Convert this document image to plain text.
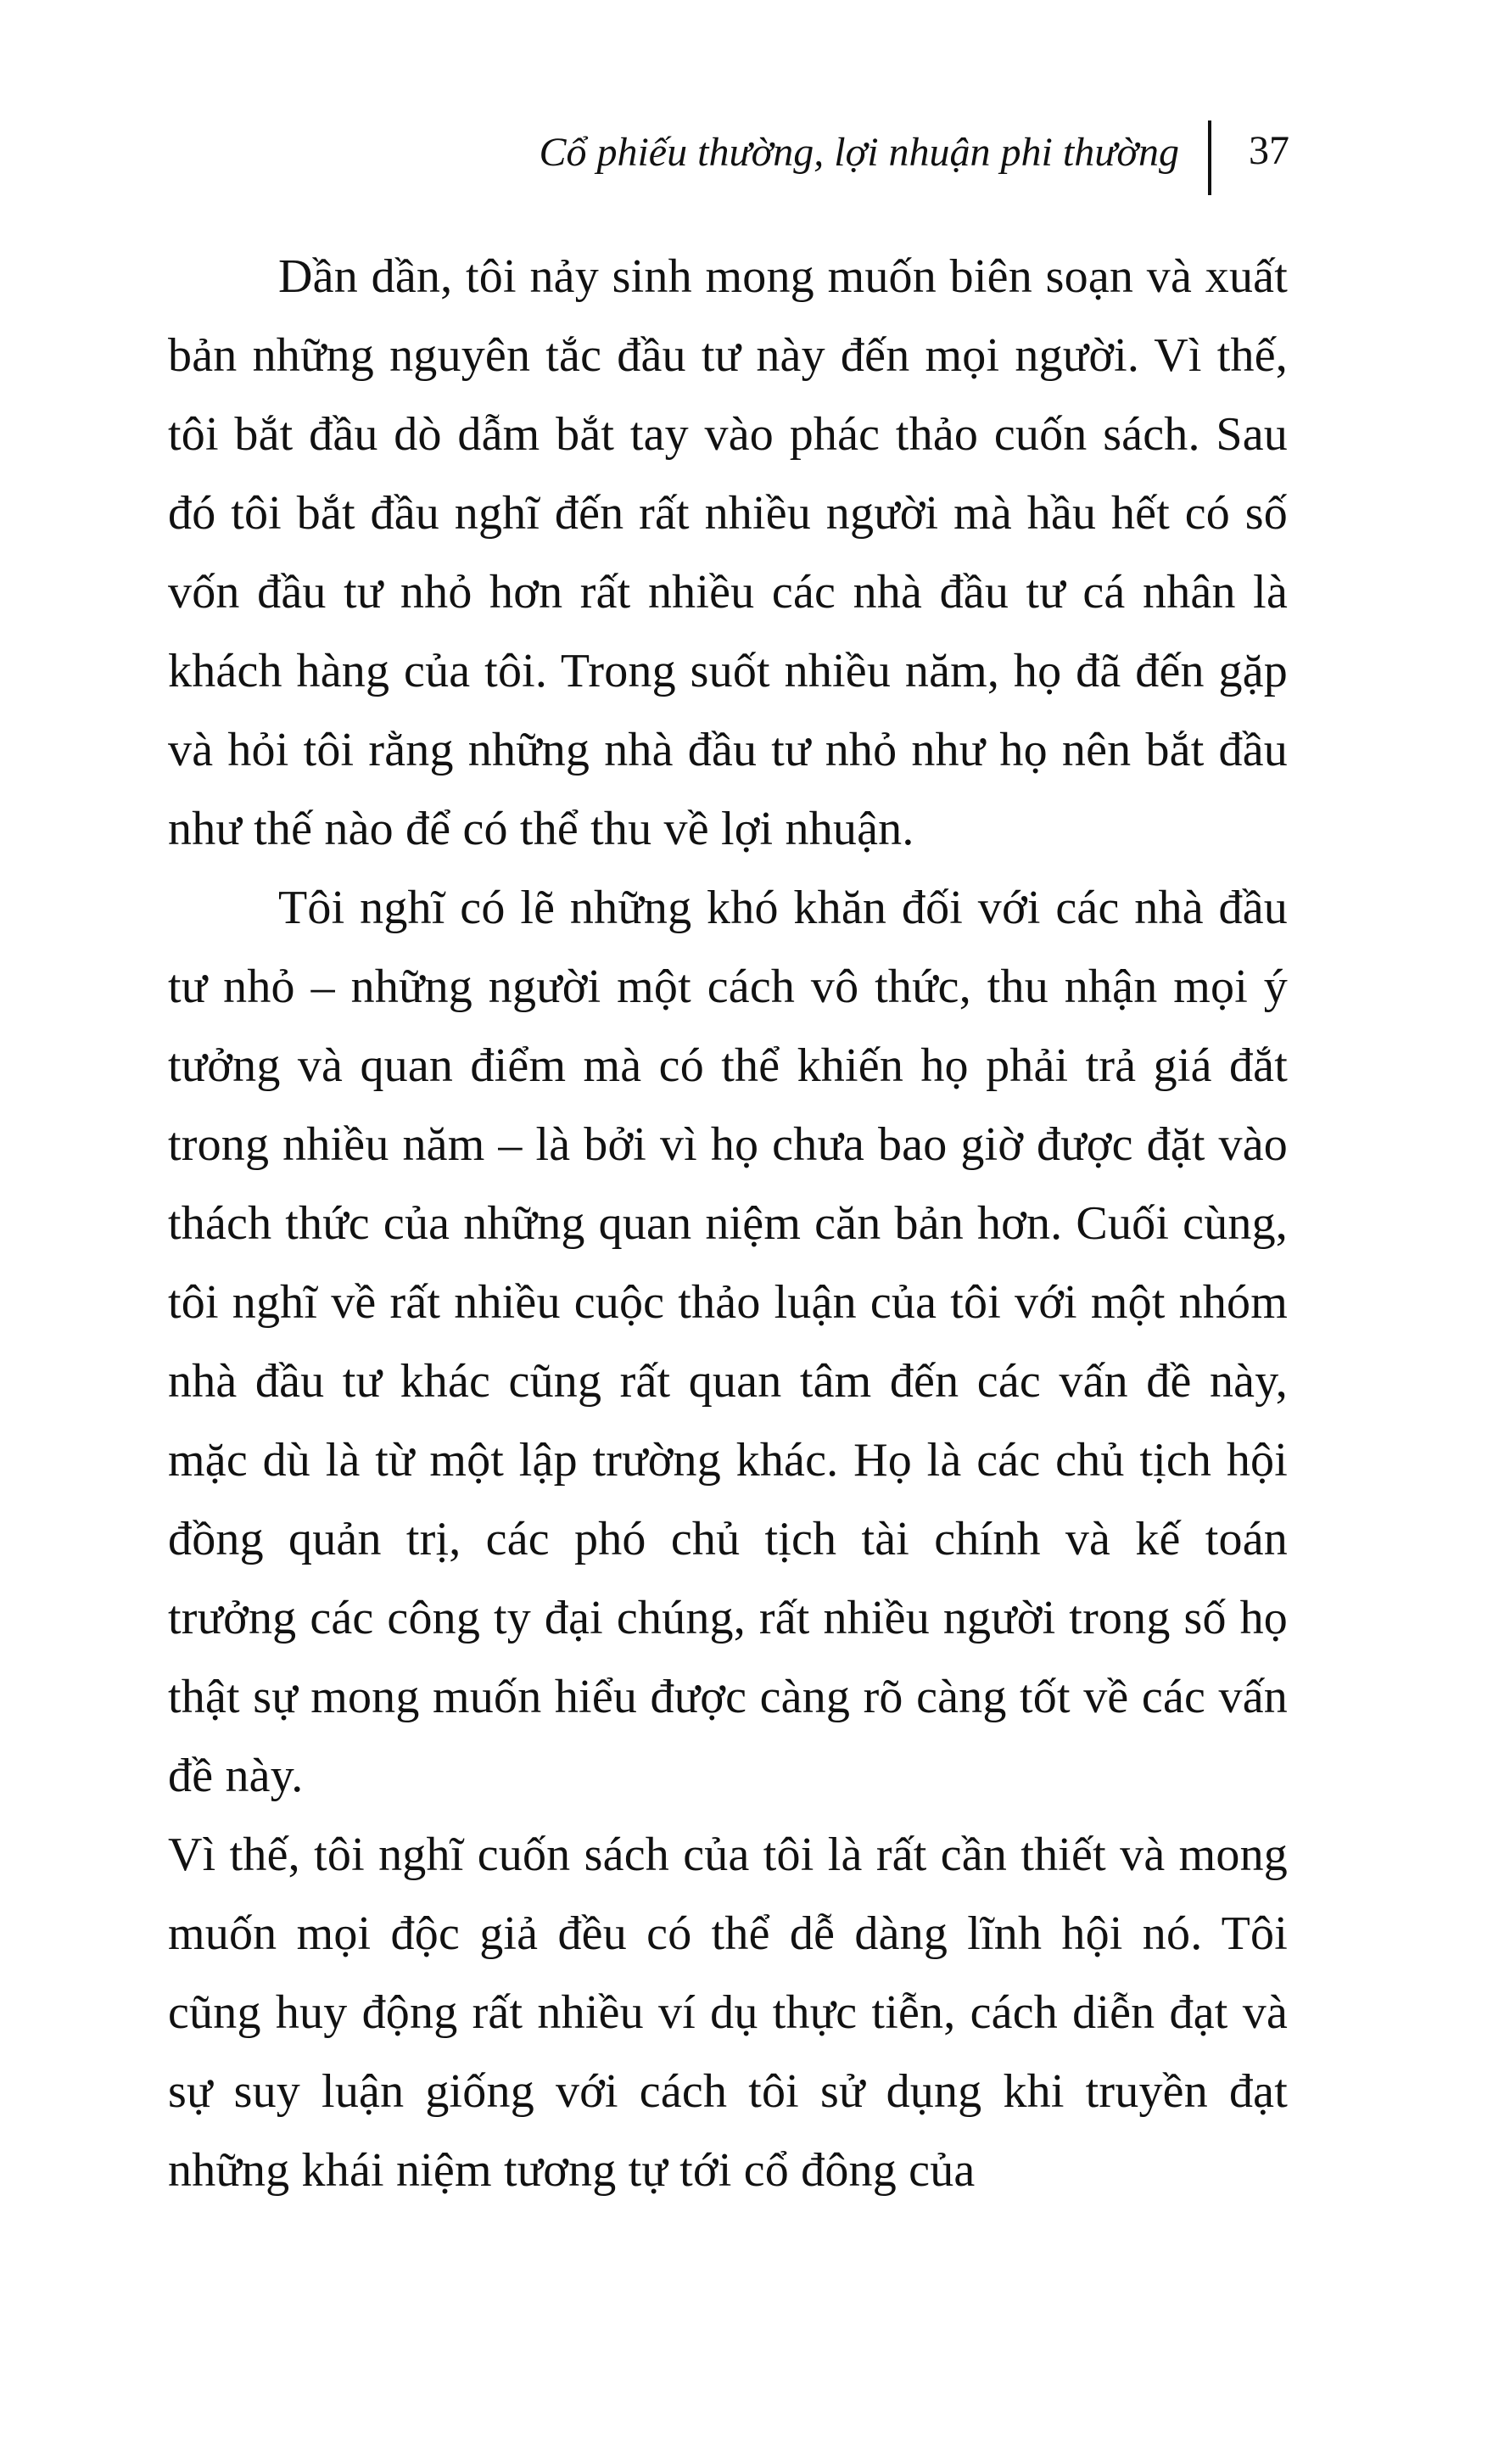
Cổ phiếu thường, lợi nhuận phi thường 37

Dần dần, tôi nảy sinh mong muốn biên soạn và xuất bản những nguyên tắc đầu tư này đến mọi người. Vì thế, tôi bắt đầu dò dẫm bắt tay vào phác thảo cuốn sách. Sau đó tôi bắt đầu nghĩ đến rất nhiều người mà hầu hết có số vốn đầu tư nhỏ hơn rất nhiều các nhà đầu tư cá nhân là khách hàng của tôi. Trong suốt nhiều năm, họ đã đến gặp và hỏi tôi rằng những nhà đầu tư nhỏ như họ nên bắt đầu như thế nào để có thể thu về lợi nhuận.

Tôi nghĩ có lẽ những khó khăn đối với các nhà đầu tư nhỏ – những người một cách vô thức, thu nhận mọi ý tưởng và quan điểm mà có thể khiến họ phải trả giá đắt trong nhiều năm – là bởi vì họ chưa bao giờ được đặt vào thách thức của những quan niệm căn bản hơn. Cuối cùng, tôi nghĩ về rất nhiều cuộc thảo luận của tôi với một nhóm nhà đầu tư khác cũng rất quan tâm đến các vấn đề này, mặc dù là từ một lập trường khác. Họ là các chủ tịch hội đồng quản trị, các phó chủ tịch tài chính và kế toán trưởng các công ty đại chúng, rất nhiều người trong số họ thật sự mong muốn hiểu được càng rõ càng tốt về các vấn đề này.

Vì thế, tôi nghĩ cuốn sách của tôi là rất cần thiết và mong muốn mọi độc giả đều có thể dễ dàng lĩnh hội nó. Tôi cũng huy động rất nhiều ví dụ thực tiễn, cách diễn đạt và sự suy luận giống với cách tôi sử dụng khi truyền đạt những khái niệm tương tự tới cổ đông của
